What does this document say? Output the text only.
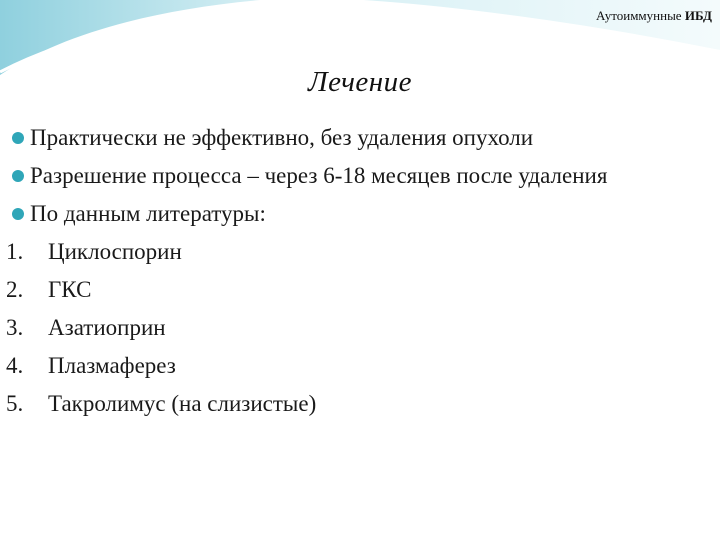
Аутоиммунные ИБД
Лечение
Практически не эффективно, без удаления опухоли
Разрешение процесса – через 6-18 месяцев после удаления
По данным литературы:
1. Циклоспорин
2. ГКС
3. Азатиоприн
4. Плазмаферез
5. Такролимус (на слизистые)
